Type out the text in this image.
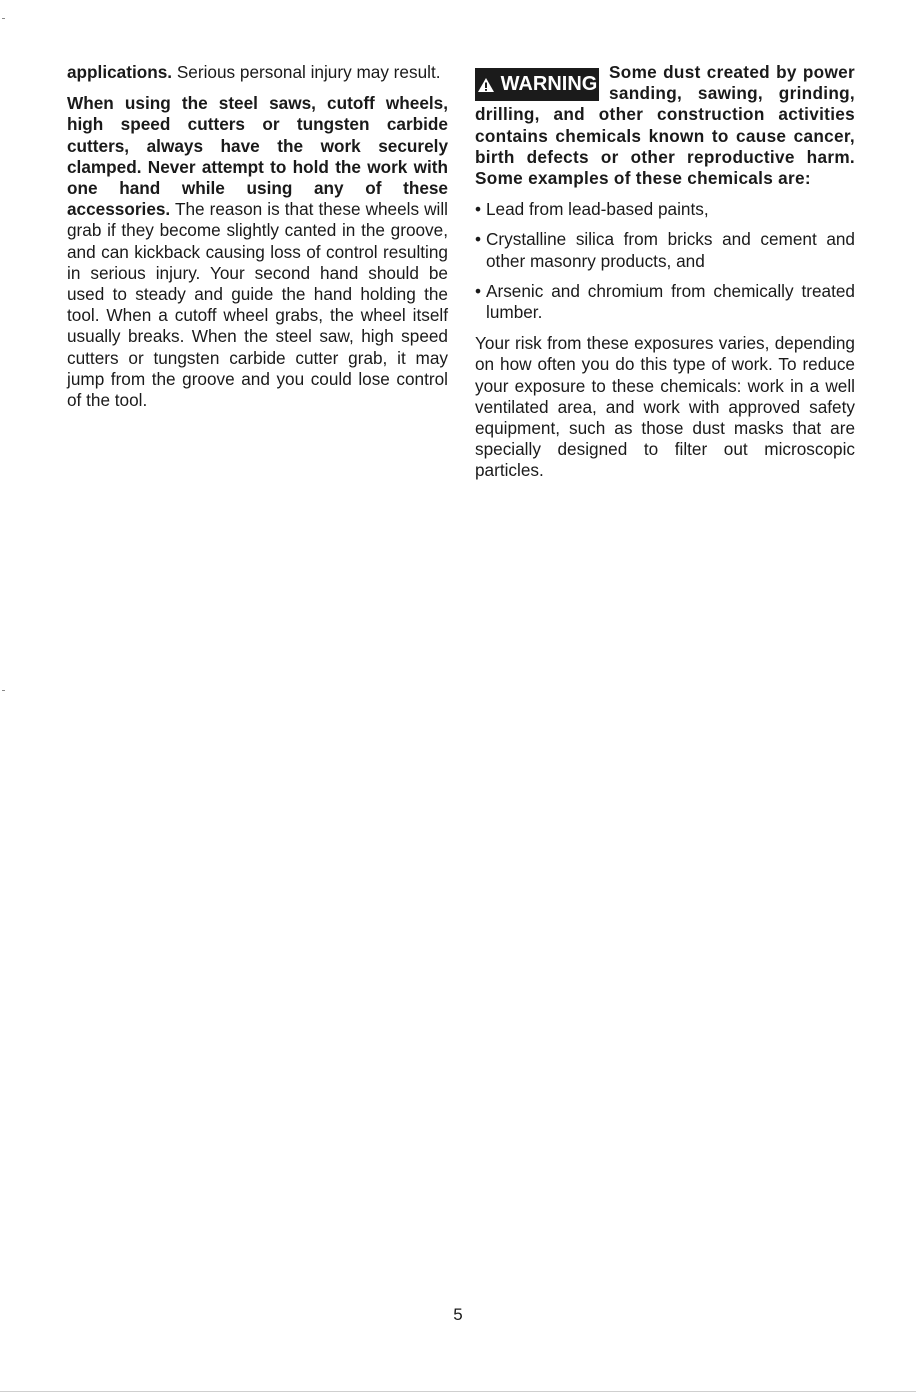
applications. Serious personal injury may result.

When using the steel saws, cutoff wheels, high speed cutters or tungsten carbide cutters, always have the work securely clamped. Never attempt to hold the work with one hand while using any of these accessories. The reason is that these wheels will grab if they become slightly canted in the groove, and can kickback causing loss of control resulting in serious injury. Your second hand should be used to steady and guide the hand holding the tool. When a cutoff wheel grabs, the wheel itself usually breaks. When the steel saw, high speed cutters or tungsten carbide cutter grab, it may jump from the groove and you could lose control of the tool.

WARNING

Some dust created by power sanding, sawing, grinding, drilling, and other construction activities contains chemicals known to cause cancer, birth defects or other reproductive harm. Some examples of these chemicals are:

• Lead from lead-based paints,
• Crystalline silica from bricks and cement and other masonry products, and
• Arsenic and chromium from chemically treated lumber.

Your risk from these exposures varies, depending on how often you do this type of work. To reduce your exposure to these chemicals: work in a well ventilated area, and work with approved safety equipment, such as those dust masks that are specially designed to filter out microscopic particles.

5
